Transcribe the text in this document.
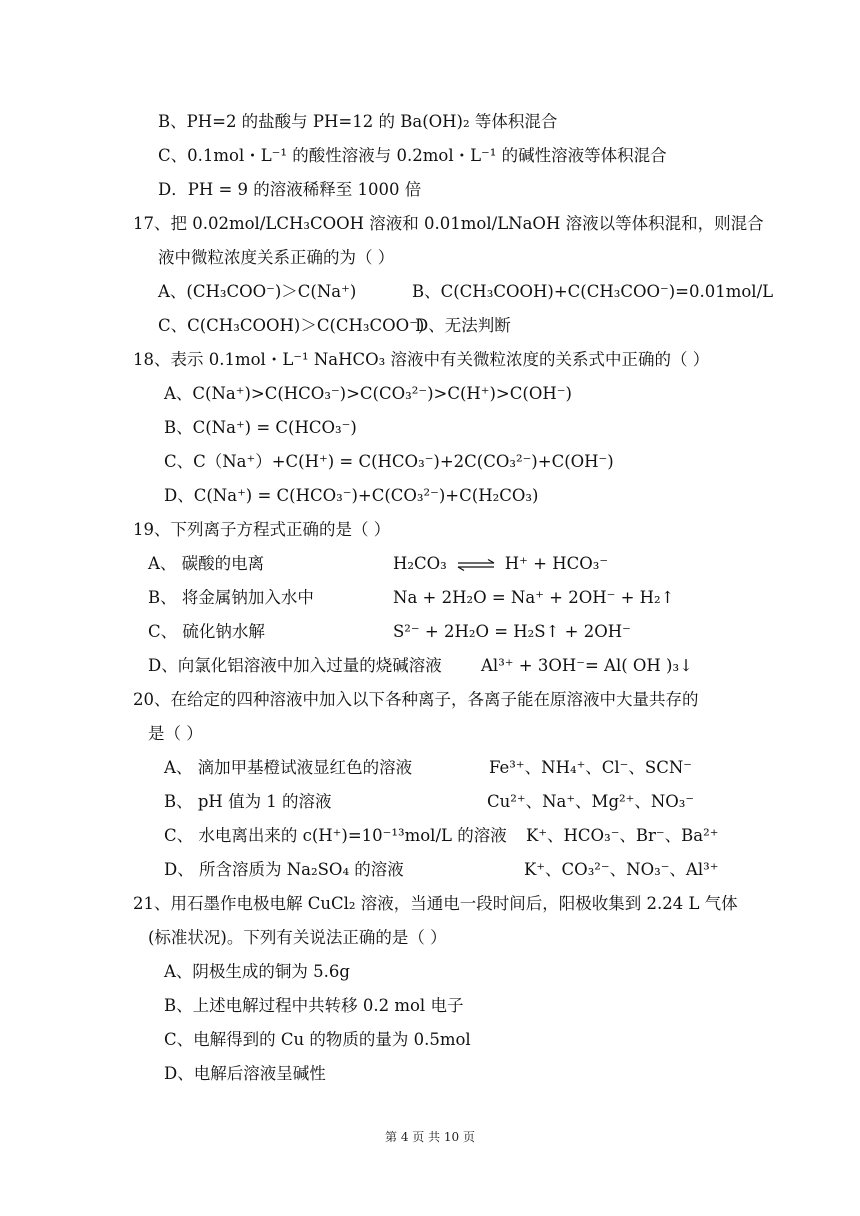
B、PH=2 的盐酸与 PH=12 的 Ba(OH)₂ 等体积混合
C、0.1mol・L⁻¹ 的酸性溶液与 0.2mol・L⁻¹ 的碱性溶液等体积混合
D．PH = 9 的溶液稀释至 1000 倍
17、把 0.02mol/LCH₃COOH 溶液和 0.01mol/LNaOH 溶液以等体积混和，则混合
液中微粒浓度关系正确的为（ ）
A、(CH₃COO⁻)＞C(Na⁺)	B、C(CH₃COOH)+C(CH₃COO⁻)=0.01mol/L
C、C(CH₃COOH)＞C(CH₃COO⁻)
D、无法判断
18、表示 0.1mol・L⁻¹ NaHCO₃ 溶液中有关微粒浓度的关系式中正确的（ ）
A、C(Na⁺)>C(HCO₃⁻)>C(CO₃²⁻)>C(H⁺)>C(OH⁻)
B、C(Na⁺) = C(HCO₃⁻)
C、C（Na⁺）+C(H⁺) = C(HCO₃⁻)+2C(CO₃²⁻)+C(OH⁻)
D、C(Na⁺) = C(HCO₃⁻)+C(CO₃²⁻)+C(H₂CO₃)
19、下列离子方程式正确的是（ ）
A、 碳酸的电离	H₂CO₃ ⇌ H⁺ + HCO₃⁻
B、 将金属钠加入水中	Na + 2H₂O = Na⁺ + 2OH⁻ + H₂↑
C、 硫化钠水解	S²⁻ + 2H₂O = H₂S↑ + 2OH⁻
D、向氯化铝溶液中加入过量的烧碱溶液 Al³⁺ + 3OH⁻= Al( OH )₃↓
20、在给定的四种溶液中加入以下各种离子，各离子能在原溶液中大量共存的
是（ ）
A、 滴加甲基橙试液显红色的溶液	Fe³⁺、NH₄⁺、Cl⁻、SCN⁻
B、 pH 值为 1 的溶液	Cu²⁺、Na⁺、Mg²⁺、NO₃⁻
C、 水电离出来的 c(H⁺)=10⁻¹³mol/L 的溶液 K⁺、HCO₃⁻、Br⁻、Ba²⁺
D、 所含溶质为 Na₂SO₄ 的溶液	K⁺、CO₃²⁻、NO₃⁻、Al³⁺
21、用石墨作电极电解 CuCl₂ 溶液，当通电一段时间后，阳极收集到 2.24 L 气体
(标准状况)。下列有关说法正确的是（ ）
A、阴极生成的铜为 5.6g
B、上述电解过程中共转移 0.2 mol 电子
C、电解得到的 Cu 的物质的量为 0.5mol
D、电解后溶液呈碱性
第 4 页 共 10 页
